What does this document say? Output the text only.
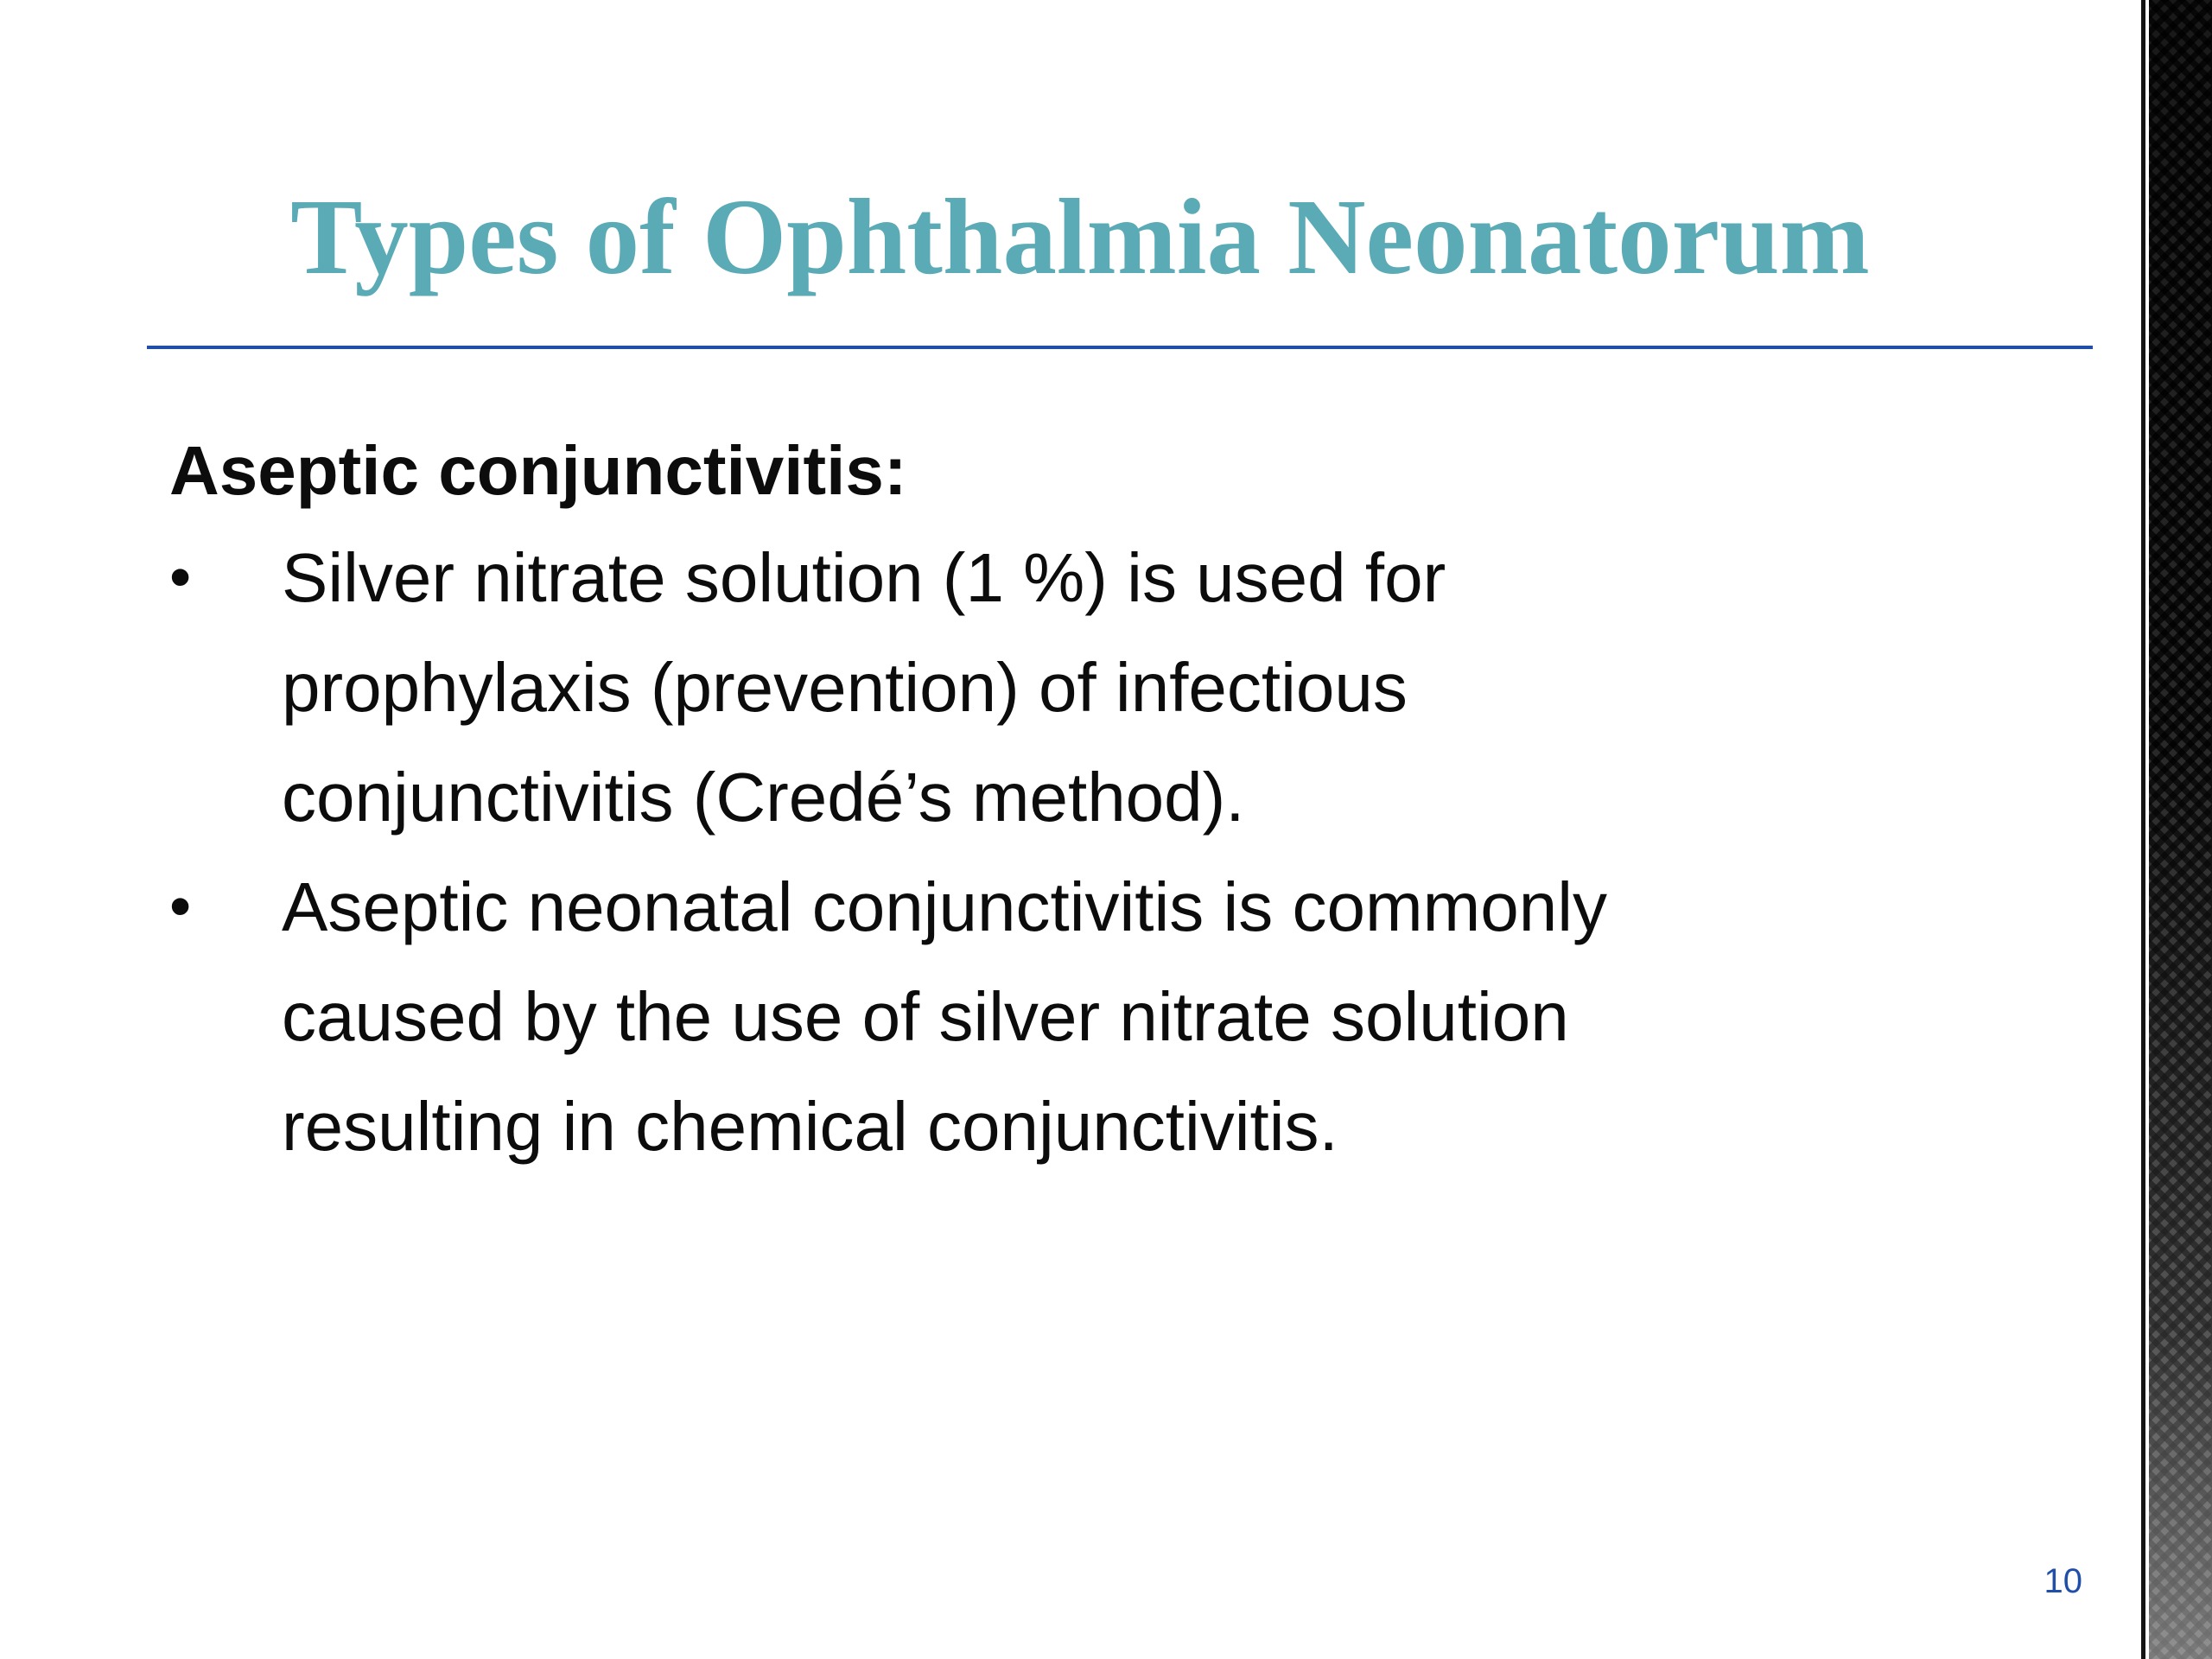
Types of Ophthalmia Neonatorum

Aseptic conjunctivitis:

•	Silver nitrate solution (1 %) is used for
prophylaxis (prevention) of infectious
conjunctivitis (Credé’s method).
•	Aseptic neonatal conjunctivitis is commonly
caused by the use of silver nitrate solution
resulting in chemical conjunctivitis.
10
